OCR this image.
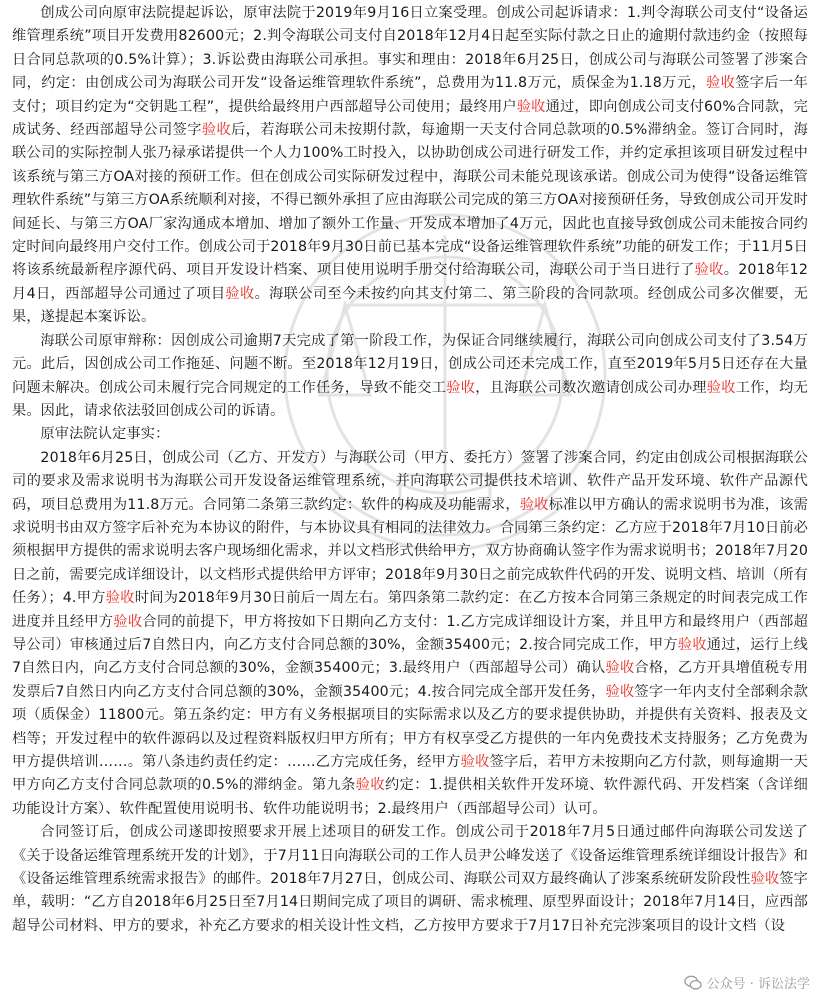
创成公司向原审法院提起诉讼，原审法院于2019年9月16日立案受理。创成公司起诉请求：1.判令海联公司支付“设备运维管理系统”项目开发费用82600元；2.判令海联公司支付自2018年12月4日起至实际付款之日止的逾期付款违约金（按照每日合同总款项的0.5%计算）；3.诉讼费由海联公司承担。事实和理由：2018年6月25日，创成公司与海联公司签署了涉案合同，约定：由创成公司为海联公司开发“设备运维管理软件系统”，总费用为11.8万元，质保金为1.18万元，验收签字后一年支付；项目约定为“交钥匙工程”，提供给最终用户西部超导公司使用；最终用户验收通过，即向创成公司支付60%合同款，完成试务、经西部超导公司签字验收后，若海联公司未按期付款，每逾期一天支付合同总款项的0.5%滞纳金。签订合同时，海联公司的实际控制人张乃禄承诺提供一个人力100%工时投入，以协助创成公司进行研发工作，并约定承担该项目研发过程中该系统与第三方OA对接的预研工作。但在创成公司实际研发过程中，海联公司未能兑现该承诺。创成公司为使得“设备运维管理软件系统”与第三方OA系统顺利对接，不得已额外承担了应由海联公司完成的第三方OA对接预研任务，导致创成公司开发时间延长、与第三方OA厂家沟通成本增加、增加了额外工作量、开发成本增加了4万元，因此也直接导致创成公司未能按合同约定时间向最终用户交付工作。创成公司于2018年9月30日前已基本完成“设备运维管理软件系统”功能的研发工作；于11月5日将该系统最新程序源代码、项目开发设计档案、项目使用说明手册交付给海联公司，海联公司于当日进行了验收。2018年12月4日，西部超导公司通过了项目验收。海联公司至今未按约向其支付第二、第三阶段的合同款项。经创成公司多次催要，无果，遂提起本案诉讼。

海联公司原审辩称：因创成公司逾期7天完成了第一阶段工作，为保证合同继续履行，海联公司向创成公司支付了3.54万元。此后，因创成公司工作拖延、问题不断。至2018年12月19日，创成公司还未完成工作，直至2019年5月5日还存在大量问题未解决。创成公司未履行完合同规定的工作任务，导致不能交工验收，且海联公司数次邀请创成公司办理验收工作，均无果。因此，请求依法驳回创成公司的诉请。

原审法院认定事实：

2018年6月25日，创成公司（乙方、开发方）与海联公司（甲方、委托方）签署了涉案合同，约定由创成公司根据海联公司的要求及需求说明书为海联公司开发设备运维管理系统，并向海联公司提供技术培训、软件产品开发环境、软件产品源代码，项目总费用为11.8万元。合同第二条第三款约定：软件的构成及功能需求，验收标准以甲方确认的需求说明书为准，该需求说明书由双方签字后补充为本协议的附件，与本协议具有相同的法律效力。合同第三条约定：乙方应于2018年7月10日前必须根据甲方提供的需求说明去客户现场细化需求，并以文档形式供给甲方，双方协商确认签字作为需求说明书；2018年7月20日之前，需要完成详细设计，以文档形式提供给甲方评审；2018年9月30日之前完成软件代码的开发、说明文档、培训（所有任务）；4.甲方验收时间为2018年9月30日前后一周左右。第四条第二款约定：在乙方按本合同第三条规定的时间表完成工作进度并且经甲方验收合同的前提下，甲方将按如下日期向乙方支付：1.乙方完成详细设计方案，并且甲方和最终用户（西部超导公司）审核通过后7自然日内，向乙方支付合同总额的30%，金额35400元；2.按合同完成工作，甲方验收通过，运行上线7自然日内，向乙方支付合同总额的30%，金额35400元；3.最终用户（西部超导公司）确认验收合格，乙方开具增值税专用发票后7自然日内向乙方支付合同总额的30%，金额35400元；4.按合同完成全部开发任务，验收签字一年内支付全部剩余款项（质保金）11800元。第五条约定：甲方有义务根据项目的实际需求以及乙方的要求提供协助，并提供有关资料、报表及文档等；开发过程中的软件源码以及过程资料版权归甲方所有；甲方有权享受乙方提供的一年内免费技术支持服务；乙方免费为甲方提供培训……。第八条违约责任约定：……乙方完成任务，经甲方验收签字后，若甲方未按期向乙方付款，则每逾期一天甲方向乙方支付合同总款项的0.5%的滞纳金。第九条验收约定：1.提供相关软件开发环境、软件源代码、开发档案（含详细功能设计方案）、软件配置使用说明书、软件功能说明书；2.最终用户（西部超导公司）认可。

合同签订后，创成公司遂即按照要求开展上述项目的研发工作。创成公司于2018年7月5日通过邮件向海联公司发送了《关于设备运维管理系统开发的计划》，于7月11日向海联公司的工作人员尹公峰发送了《设备运维管理系统详细设计报告》和《设备运维管理系统需求报告》的邮件。2018年7月27日，创成公司、海联公司双方最终确认了涉案系统研发阶段性验收签字单，载明：“乙方自2018年6月25日至7月14日期间完成了项目的调研、需求梳理、原型界面设计；2018年7月14日，应西部超导公司材料、甲方的要求，补充乙方要求的相关设计性文档，乙方按甲方要求于7月17日补充完涉案项目的设计文档（设

公众号 · 诉讼法学
